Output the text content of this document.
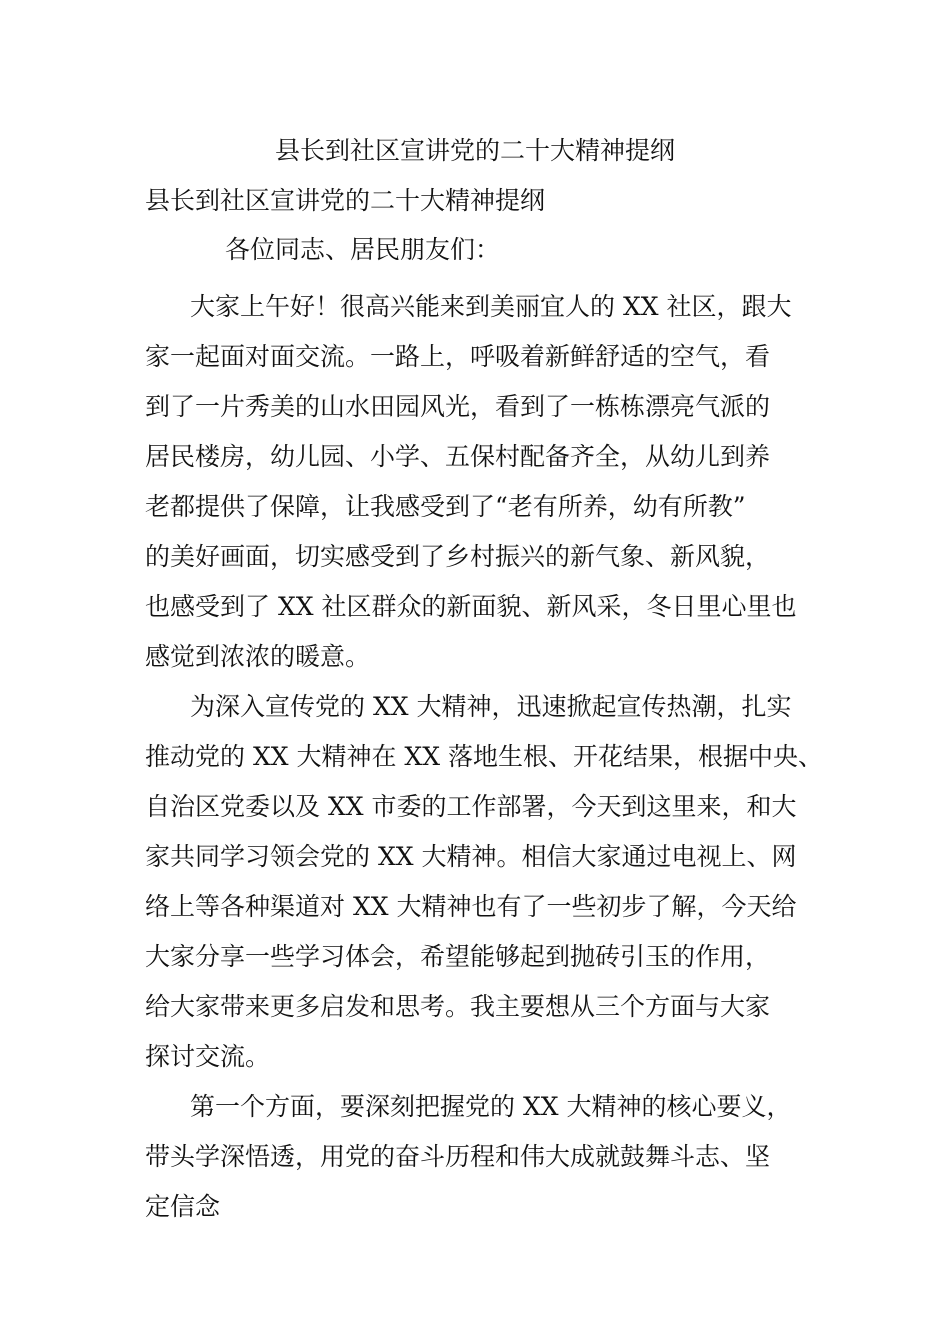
县长到社区宣讲党的二十大精神提纲
县长到社区宣讲党的二十大精神提纲

各位同志、居民朋友们：

大家上午好！很高兴能来到美丽宜人的 XX 社区，跟大
家一起面对面交流。一路上，呼吸着新鲜舒适的空气，看
到了一片秀美的山水田园风光，看到了一栋栋漂亮气派的
居民楼房，幼儿园、小学、五保村配备齐全，从幼儿到养
老都提供了保障，让我感受到了“老有所养，幼有所教”
的美好画面，切实感受到了乡村振兴的新气象、新风貌，
也感受到了 XX 社区群众的新面貌、新风采，冬日里心里也
感觉到浓浓的暖意。

为深入宣传党的 XX 大精神，迅速掀起宣传热潮，扎实
推动党的 XX 大精神在 XX 落地生根、开花结果，根据中央、
自治区党委以及 XX 市委的工作部署，今天到这里来，和大
家共同学习领会党的 XX 大精神。相信大家通过电视上、网
络上等各种渠道对 XX 大精神也有了一些初步了解，今天给
大家分享一些学习体会，希望能够起到抛砖引玉的作用，
给大家带来更多启发和思考。我主要想从三个方面与大家
探讨交流。

第一个方面，要深刻把握党的 XX 大精神的核心要义，
带头学深悟透，用党的奋斗历程和伟大成就鼓舞斗志、坚
定信念
